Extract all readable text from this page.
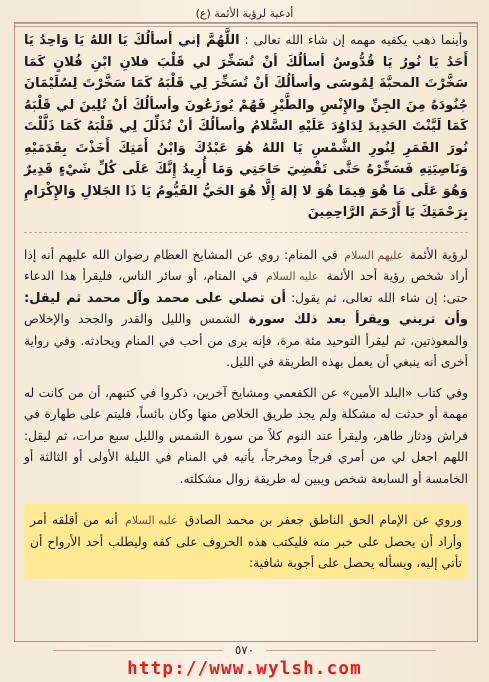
أدعية لرؤية الأئمة (ع)

وأينما ذهب يكفيه مهمه إن شاء الله تعالى : اللَّهُمَّ إني أسألُكَ يَا اللهُ يَا وَاحِدُ يَا أَحَدُ يَا نُورُ يَا قُدُّوسُ أسألُكَ أنْ تُسَخِّرَ لي قَلْبَ فلانِ ابْنِ فُلانٍ كَمَا سَخَّرْتَ المحبَّةَ لِمُوسَى وأسألُكَ أنْ تُسَخِّرَ لِي قَلْبَهُ كَمَا سَخَّرْتَ لِسُلَيْمَانَ جُنُودَهُ مِنَ الجِنِّ والإِنْسِ والطَّيْرِ فَهُمْ يُوزَعُونَ وأسألُكَ أنْ تُلِينَ لي قَلْبَهُ كَمَا لَيَّنْتَ الحَدِيدَ لِدَاوُدَ عَلَيْهِ السَّلامُ وأسألُكَ أنْ تُذَلِّلَ لِي قَلْبَهُ كَمَا ذَلَّلْتَ نُورَ القَمَرِ لِنُورِ الشَّمْسِ يَا اللهُ هُوَ عَبْدُكَ وَابْنُ أَمَتِكَ أَخَذْتَ بِقَدَمَيْهِ وَنَاصِيَتِهِ فَسَخِّرْهُ حَتَّى تَقْضِيَ حَاجَتِي وَمَا أُرِيدُ إِنَّكَ عَلَى كُلِّ شَيْءٍ قَدِيرٌ وَهُوَ عَلَى مَا هُوَ فِيمَا هُوَ لا إلهَ إِلَّا هُوَ الحَيُّ القَيُّومُ يَا ذَا الجَلالِ وَالإِكْرَامِ بِرَحْمَتِكَ يَا أَرْحَمَ الرَّاحِمِينَ

لرؤية الأئمة عليهم السلام في المنام: روي عن المشايخ العظام رضوان الله عليهم أنه إذا أراد شخص رؤية أحد الأئمة عليه السلام في المنام، أو سائر الناس، فليقرأ هذا الدعاء حتى: إن شاء الله تعالى، ثم يقول: أن تصلي على محمد وآل محمد ثم ليقل: وأن تريني ويقرأ بعد ذلك سورة الشمس والليل والقدر والجحد والإخلاص والمعوذتين، ثم ليقرأ التوحيد مئة مرة، فإنه يرى من أحب في المنام ويحادثه. وفي رواية أخرى أنه ينبغي أن يعمل بهذه الطريقة في الليل.

وفي كتاب «البلد الأمين» عن الكفعمي ومشايخ آخرين، ذكروا في كتبهم، أن من كانت له مهمة أو حدثت له مشكلة ولم يجد طريق الخلاص منها وكان بائساً، فليتم على طهارة في فراش ودثار طاهر، وليقرأ عند النوم كلاً من سورة الشمس والليل سبع مرات، ثم ليقل: اللهم اجعل لي من أمري فرجاً ومخرجاً، يأتيه في المنام في الليلة الأولى أو الثالثة أو الخامسة أو السابعة شخص ويبين له طريقة زوال مشكلته.

وروي عن الإمام الحق الناطق جعفر بن محمد الصادق عليه السلام أنه من أقلقه أمر وأراد أن يحصل على خبر منه فليكتب هذه الحروف على كفه وليطلب أحد الأرواح أن تأتي إليه، ويسأله يحصل على أجوبة شافية:

٥٧٠
http://www.wylsh.com
